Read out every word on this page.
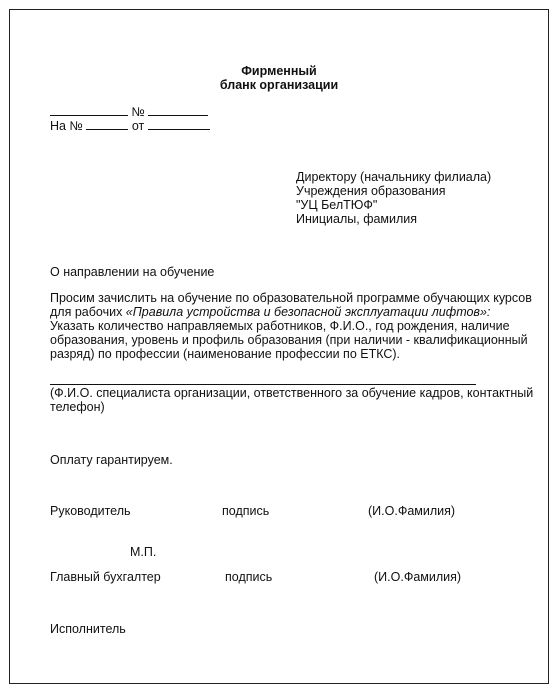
Фирменный
бланк организации
№
На №	от
Директору (начальнику филиала)
Учреждения образования
"УЦ БелТЮФ"
Инициалы, фамилия
О направлении на обучение
Просим зачислить на обучение по образовательной программе обучающих курсов для рабочих «Правила устройства и безопасной эксплуатации лифтов»:
Указать количество направляемых работников, Ф.И.О., год рождения, наличие образования, уровень и профиль образования (при наличии - квалификационный разряд) по профессии (наименование профессии по ЕТКС).
(Ф.И.О. специалиста организации, ответственного за обучение кадров, контактный телефон)
Оплату гарантируем.
Руководитель	подпись	(И.О.Фамилия)
М.П.
Главный бухгалтер	подпись	(И.О.Фамилия)
Исполнитель
